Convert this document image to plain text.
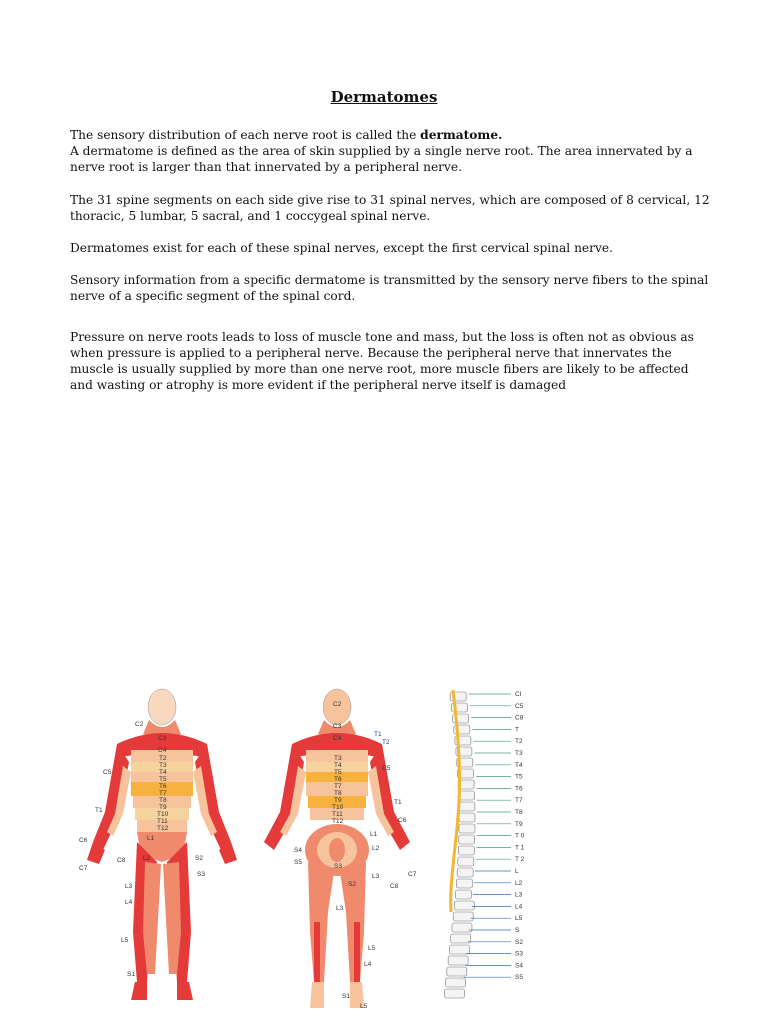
Dermatomes

The sensory distribution of each nerve root is called the dermatome.

A dermatome is defined as the area of skin supplied by a single nerve root. The area innervated by a nerve root is larger than that innervated by a peripheral nerve.

The 31 spine segments on each side give rise to 31 spinal nerves, which are composed of 8 cervical, 12 thoracic, 5 lumbar, 5 sacral, and 1 coccygeal spinal nerve.

Dermatomes exist for each of these spinal nerves, except the first cervical spinal nerve.

Sensory information from a specific dermatome is transmitted by the sensory nerve fibers to the spinal nerve of a specific segment of the spinal cord.

Pressure on nerve roots leads to loss of muscle tone and mass, but the loss is often not as obvious as when pressure is applied to a peripheral nerve. Because the peripheral nerve that innervates the muscle is usually supplied by more than one nerve root, more muscle fibers are likely to be affected and wasting or atrophy is more evident if the peripheral nerve itself is damaged

C2
C3
C4
C5
T2
T3
T4
T5
T6
T7
T8
T9
T10
T11
T12
T1
C6
C8
C7
L1
L2	S2
S3
L3
L4
L5
S1
C2
C3
C4
T1
T2
C5
T3
T4
T5
T6
T7
T8
T9
T10
T11
T12
T1
C6
L1
L2
S4
S5
S3
L3
C8
C7
S2
L3
L5
L4
S1
L5
CI
C5
C8
T
T2
T3
T4
T5
T6
T7
T8
T9
T 0
T 1
T 2
L
L2
L3
L4
L5
S
S2
S3
S4
S5
